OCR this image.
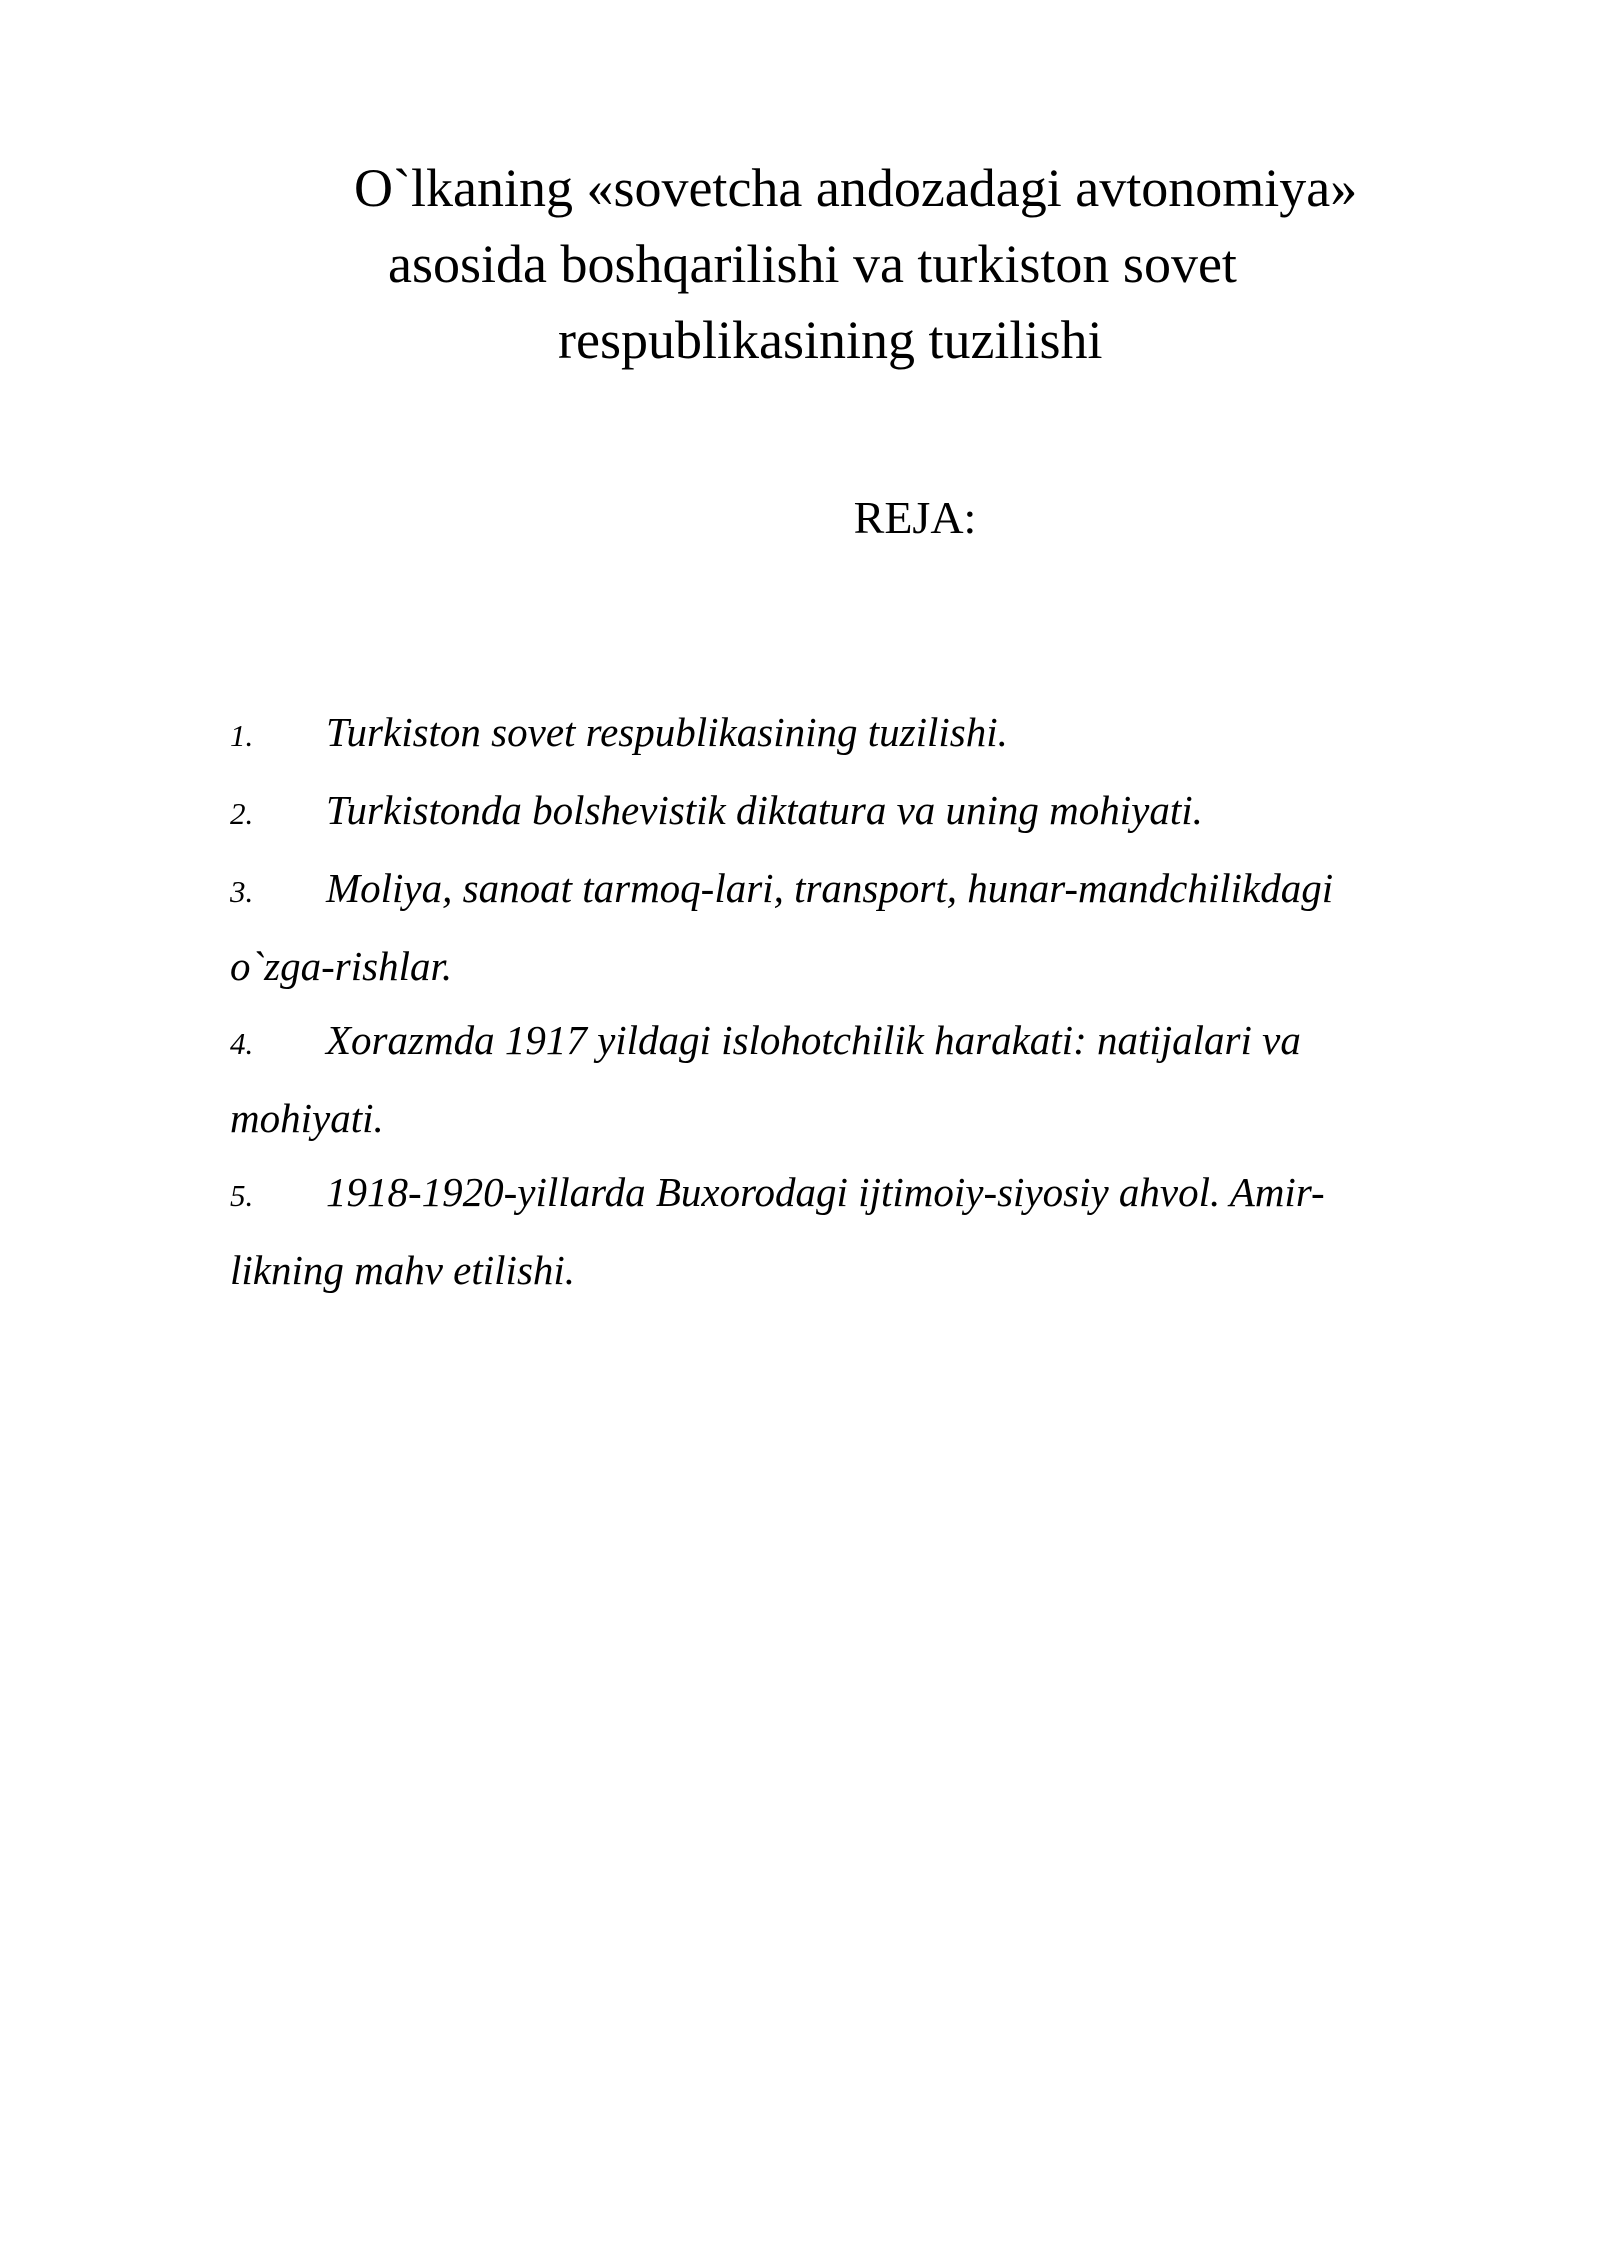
O`lkaning «sovetcha andozadagi avtonomiya»
asosida boshqarilishi va turkiston sovet
respublikasining tuzilishi
REJA:
1. Turkiston sovet respublikasining tuzilishi.
2. Turkistonda bolshevistik diktatura va uning mohiyati.
3. Moliya, sanoat tarmoq-lari, transport, hunar-mandchilikdagi
o`zga-rishlar.
4. Xorazmda 1917 yildagi islohotchilik harakati: natijalari va
mohiyati.
5. 1918-1920-yillarda Buxorodagi ijtimoiy-siyosiy ahvol. Amir-
likning mahv etilishi.
